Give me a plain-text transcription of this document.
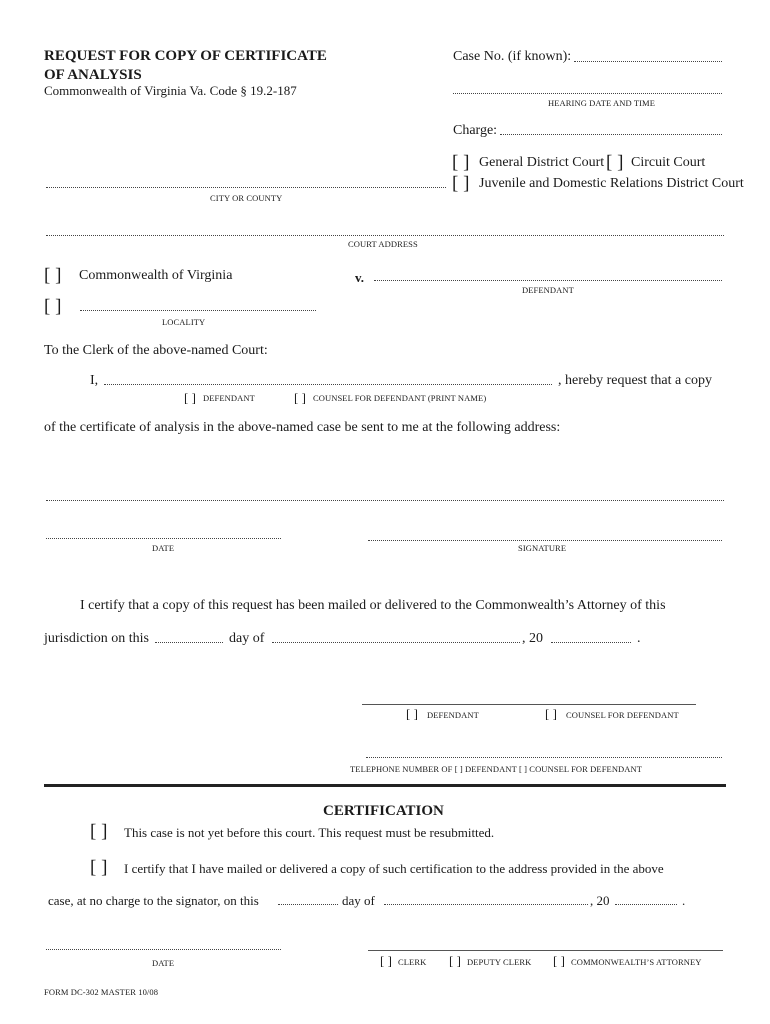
REQUEST FOR COPY OF CERTIFICATE
OF ANALYSIS
Commonwealth of Virginia Va. Code § 19.2-187
Case No. (if known):
HEARING DATE AND TIME
Charge:
[ ] General District Court [ ] Circuit Court
[ ] Juvenile and Domestic Relations District Court
CITY OR COUNTY
COURT ADDRESS
[ ] Commonwealth of Virginia	v.
DEFENDANT
[ ]
LOCALITY
To the Clerk of the above-named Court:
I,	, hereby request that a copy
[ ] DEFENDANT	[ ] COUNSEL FOR DEFENDANT (PRINT NAME)
of the certificate of analysis in the above-named case be sent to me at the following address:
DATE	SIGNATURE
I certify that a copy of this request has been mailed or delivered to the Commonwealth’s Attorney of this
jurisdiction on this	day of	, 20	.
[ ] DEFENDANT	[ ] COUNSEL FOR DEFENDANT
TELEPHONE NUMBER OF [ ] DEFENDANT [ ] COUNSEL FOR DEFENDANT
CERTIFICATION
[ ] This case is not yet before this court. This request must be resubmitted.
[ ] I certify that I have mailed or delivered a copy of such certification to the address provided in the above
case, at no charge to the signator, on this	day of	, 20	.
DATE	[ ] CLERK [ ] DEPUTY CLERK [ ] COMMONWEALTH’S ATTORNEY
FORM DC-302 MASTER 10/08
